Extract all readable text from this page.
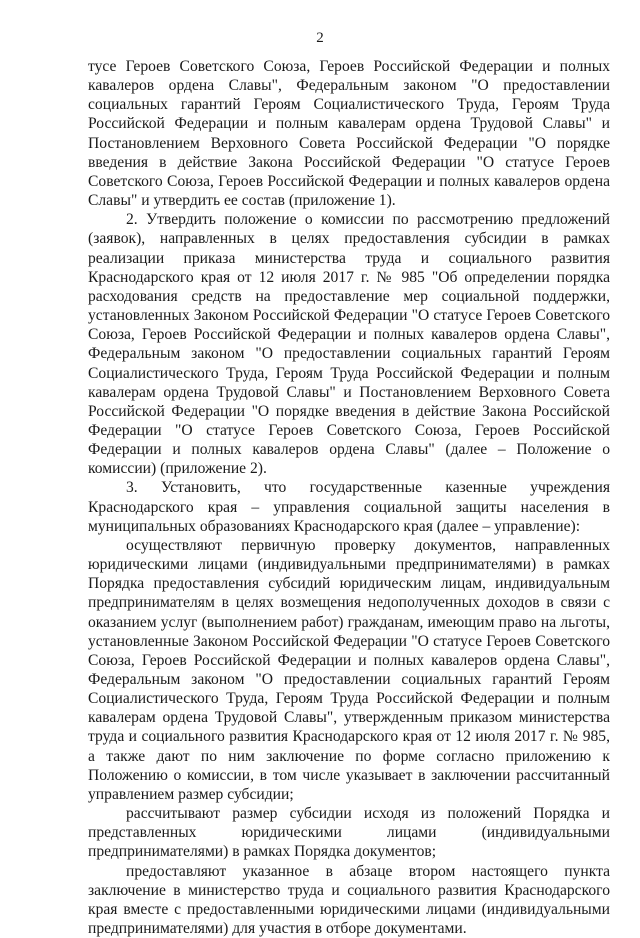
2

тусе Героев Советского Союза, Героев Российской Федерации и полных кавалеров ордена Славы", Федеральным законом "О предоставлении социальных гарантий Героям Социалистического Труда, Героям Труда Российской Федерации и полным кавалерам ордена Трудовой Славы" и Постановлением Верховного Совета Российской Федерации "О порядке введения в действие Закона Российской Федерации "О статусе Героев Советского Союза, Героев Российской Федерации и полных кавалеров ордена Славы" и утвердить ее состав (приложение 1).

2. Утвердить положение о комиссии по рассмотрению предложений (заявок), направленных в целях предоставления субсидии в рамках реализации приказа министерства труда и социального развития Краснодарского края от 12 июля 2017 г. № 985 "Об определении порядка расходования средств на предоставление мер социальной поддержки, установленных Законом Российской Федерации "О статусе Героев Советского Союза, Героев Российской Федерации и полных кавалеров ордена Славы", Федеральным законом "О предоставлении социальных гарантий Героям Социалистического Труда, Героям Труда Российской Федерации и полным кавалерам ордена Трудовой Славы" и Постановлением Верховного Совета Российской Федерации "О порядке введения в действие Закона Российской Федерации "О статусе Героев Советского Союза, Героев Российской Федерации и полных кавалеров ордена Славы" (далее – Положение о комиссии) (приложение 2).

3. Установить, что государственные казенные учреждения Краснодарского края – управления социальной защиты населения в муниципальных образованиях Краснодарского края (далее – управление):

осуществляют первичную проверку документов, направленных юридическими лицами (индивидуальными предпринимателями) в рамках Порядка предоставления субсидий юридическим лицам, индивидуальным предпринимателям в целях возмещения недополученных доходов в связи с оказанием услуг (выполнением работ) гражданам, имеющим право на льготы, установленные Законом Российской Федерации "О статусе Героев Советского Союза, Героев Российской Федерации и полных кавалеров ордена Славы", Федеральным законом "О предоставлении социальных гарантий Героям Социалистического Труда, Героям Труда Российской Федерации и полным кавалерам ордена Трудовой Славы", утвержденным приказом министерства труда и социального развития Краснодарского края от 12 июля 2017 г. № 985, а также дают по ним заключение по форме согласно приложению к Положению о комиссии, в том числе указывает в заключении рассчитанный управлением размер субсидии;

рассчитывают размер субсидии исходя из положений Порядка и представленных юридическими лицами (индивидуальными предпринимателями) в рамках Порядка документов;

предоставляют указанное в абзаце втором настоящего пункта заключение в министерство труда и социального развития Краснодарского края вместе с предоставленными юридическими лицами (индивидуальными предпринимателями) для участия в отборе документами.
